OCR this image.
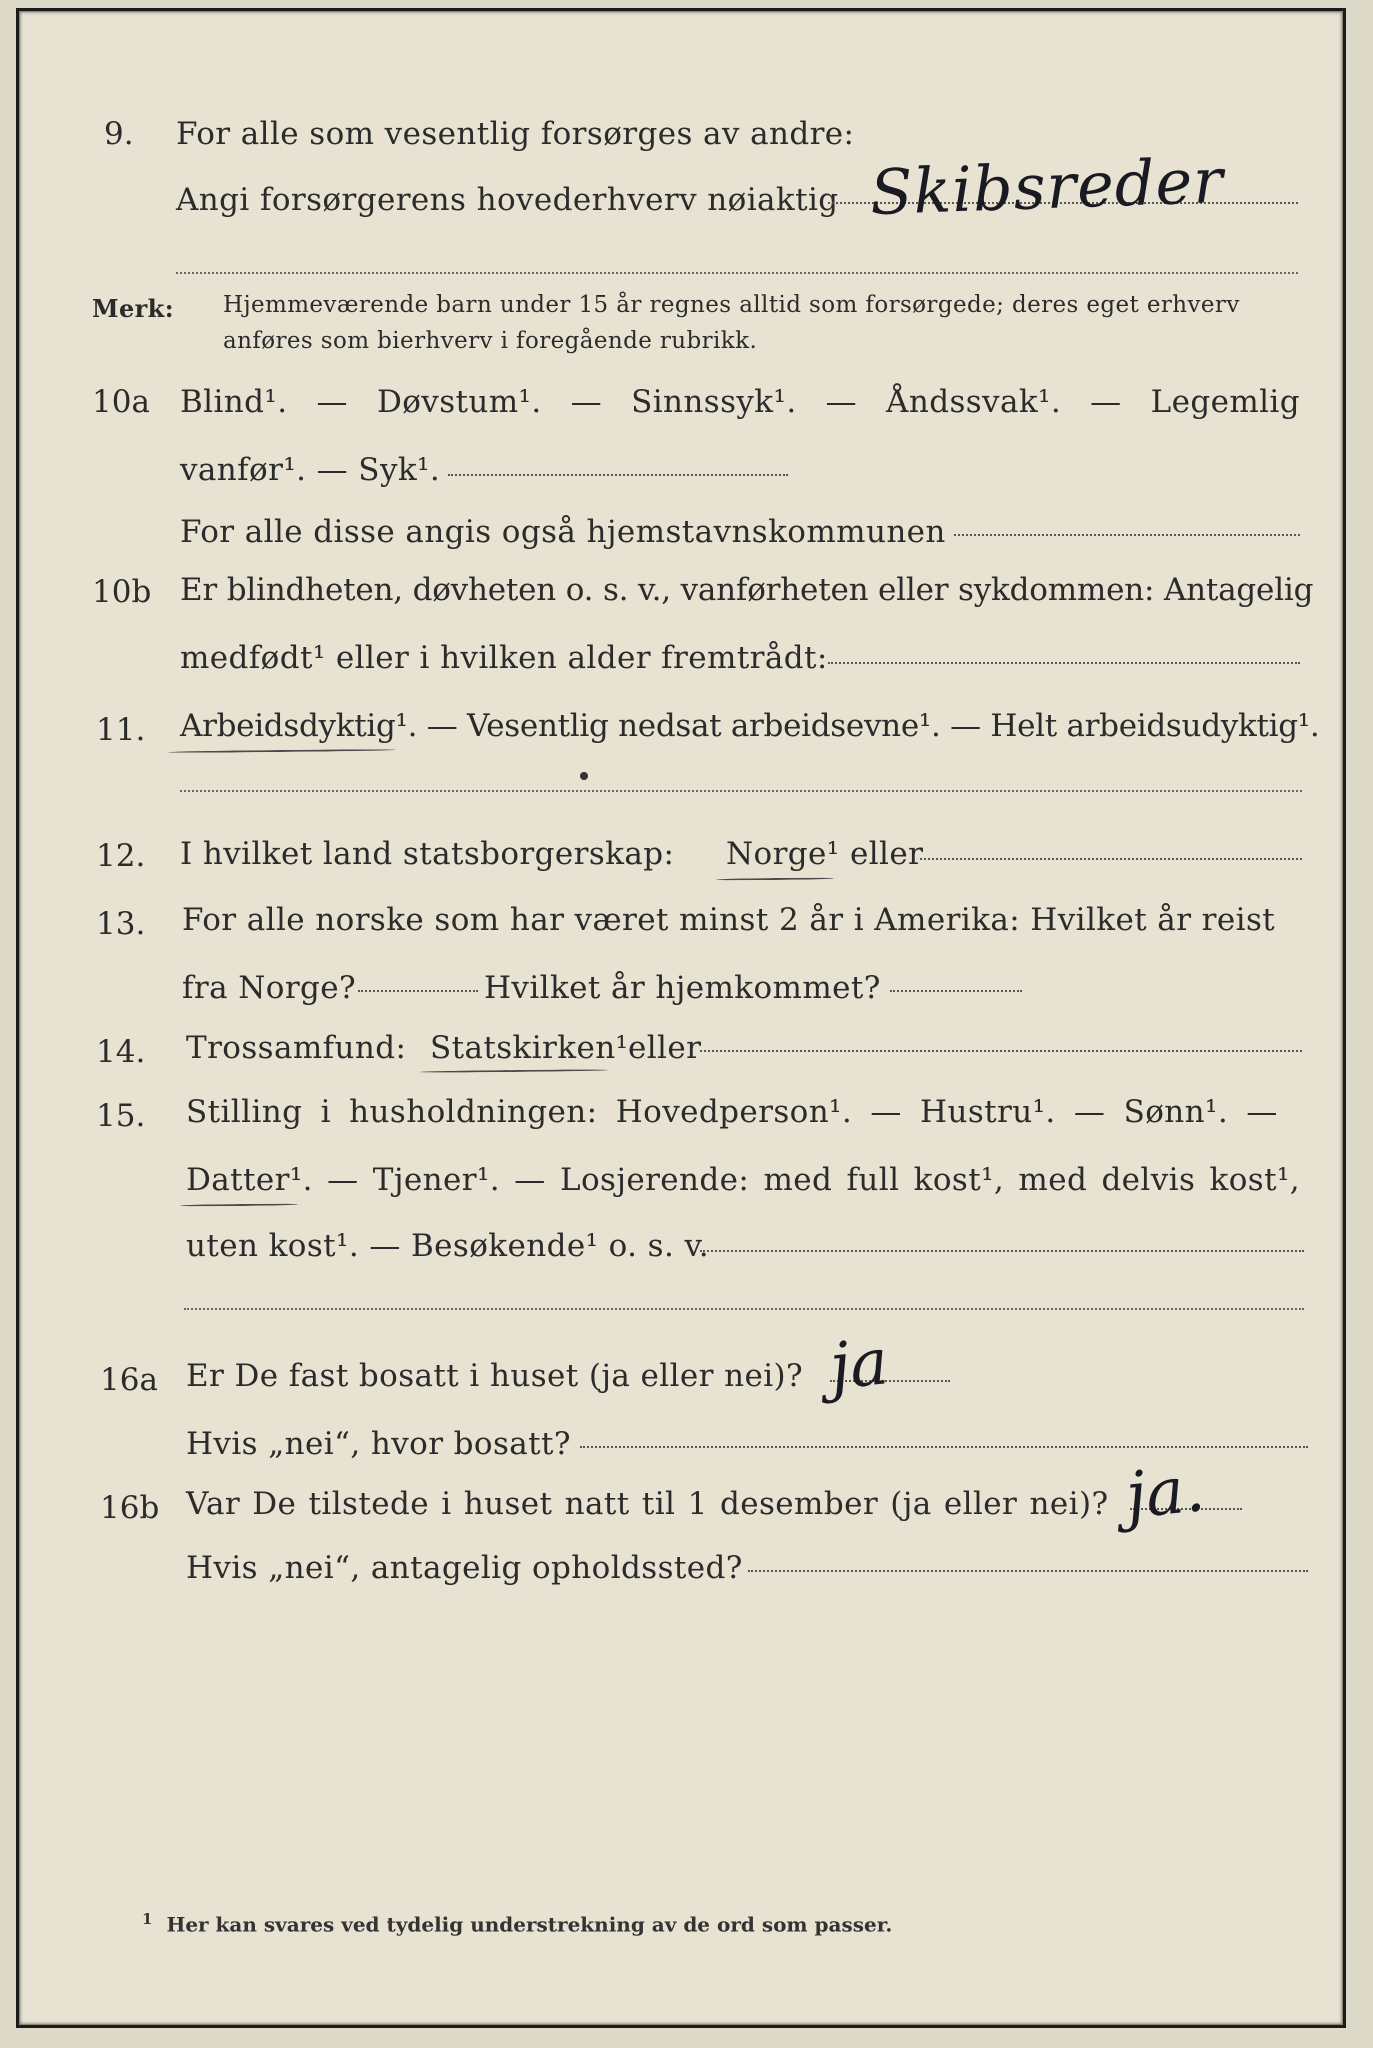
9. For alle som vesentlig forsørges av andre:
Angi forsørgerens hovederhverv nøiaktig Skibsreder
Merk: Hjemmeværende barn under 15 år regnes alltid som forsørgede; deres eget erhverv
anføres som bierhverv i foregående rubrikk.
10a Blind¹. — Døvstum¹. — Sinnssyk¹. — Åndssvak¹. — Legemlig
vanfør¹. — Syk¹.
For alle disse angis også hjemstavnskommunen
10b Er blindheten, døvheten o. s. v., vanførheten eller sykdommen: Antagelig
medfødt¹ eller i hvilken alder fremtrådt:
11. Arbeidsdyktig¹. — Vesentlig nedsat arbeidsevne¹. — Helt arbeidsudyktig¹.
12. I hvilket land statsborgerskap: Norge¹ eller
13. For alle norske som har været minst 2 år i Amerika: Hvilket år reist
fra Norge?	Hvilket år hjemkommet?
14. Trossamfund: Statskirken¹ eller
15. Stilling i husholdningen: Hovedperson¹. — Hustru¹. — Sønn¹. —
Datter¹. — Tjener¹. — Losjerende: med full kost¹, med delvis kost¹,
uten kost¹. — Besøkende¹ o. s. v.
16a Er De fast bosatt i huset (ja eller nei)? ja
Hvis „nei“, hvor bosatt?
16b Var De tilstede i huset natt til 1 desember (ja eller nei)? ja.
Hvis „nei“, antagelig opholdssted?
$^1$ Her kan svares ved tydelig understrekning av de ord som passer.
